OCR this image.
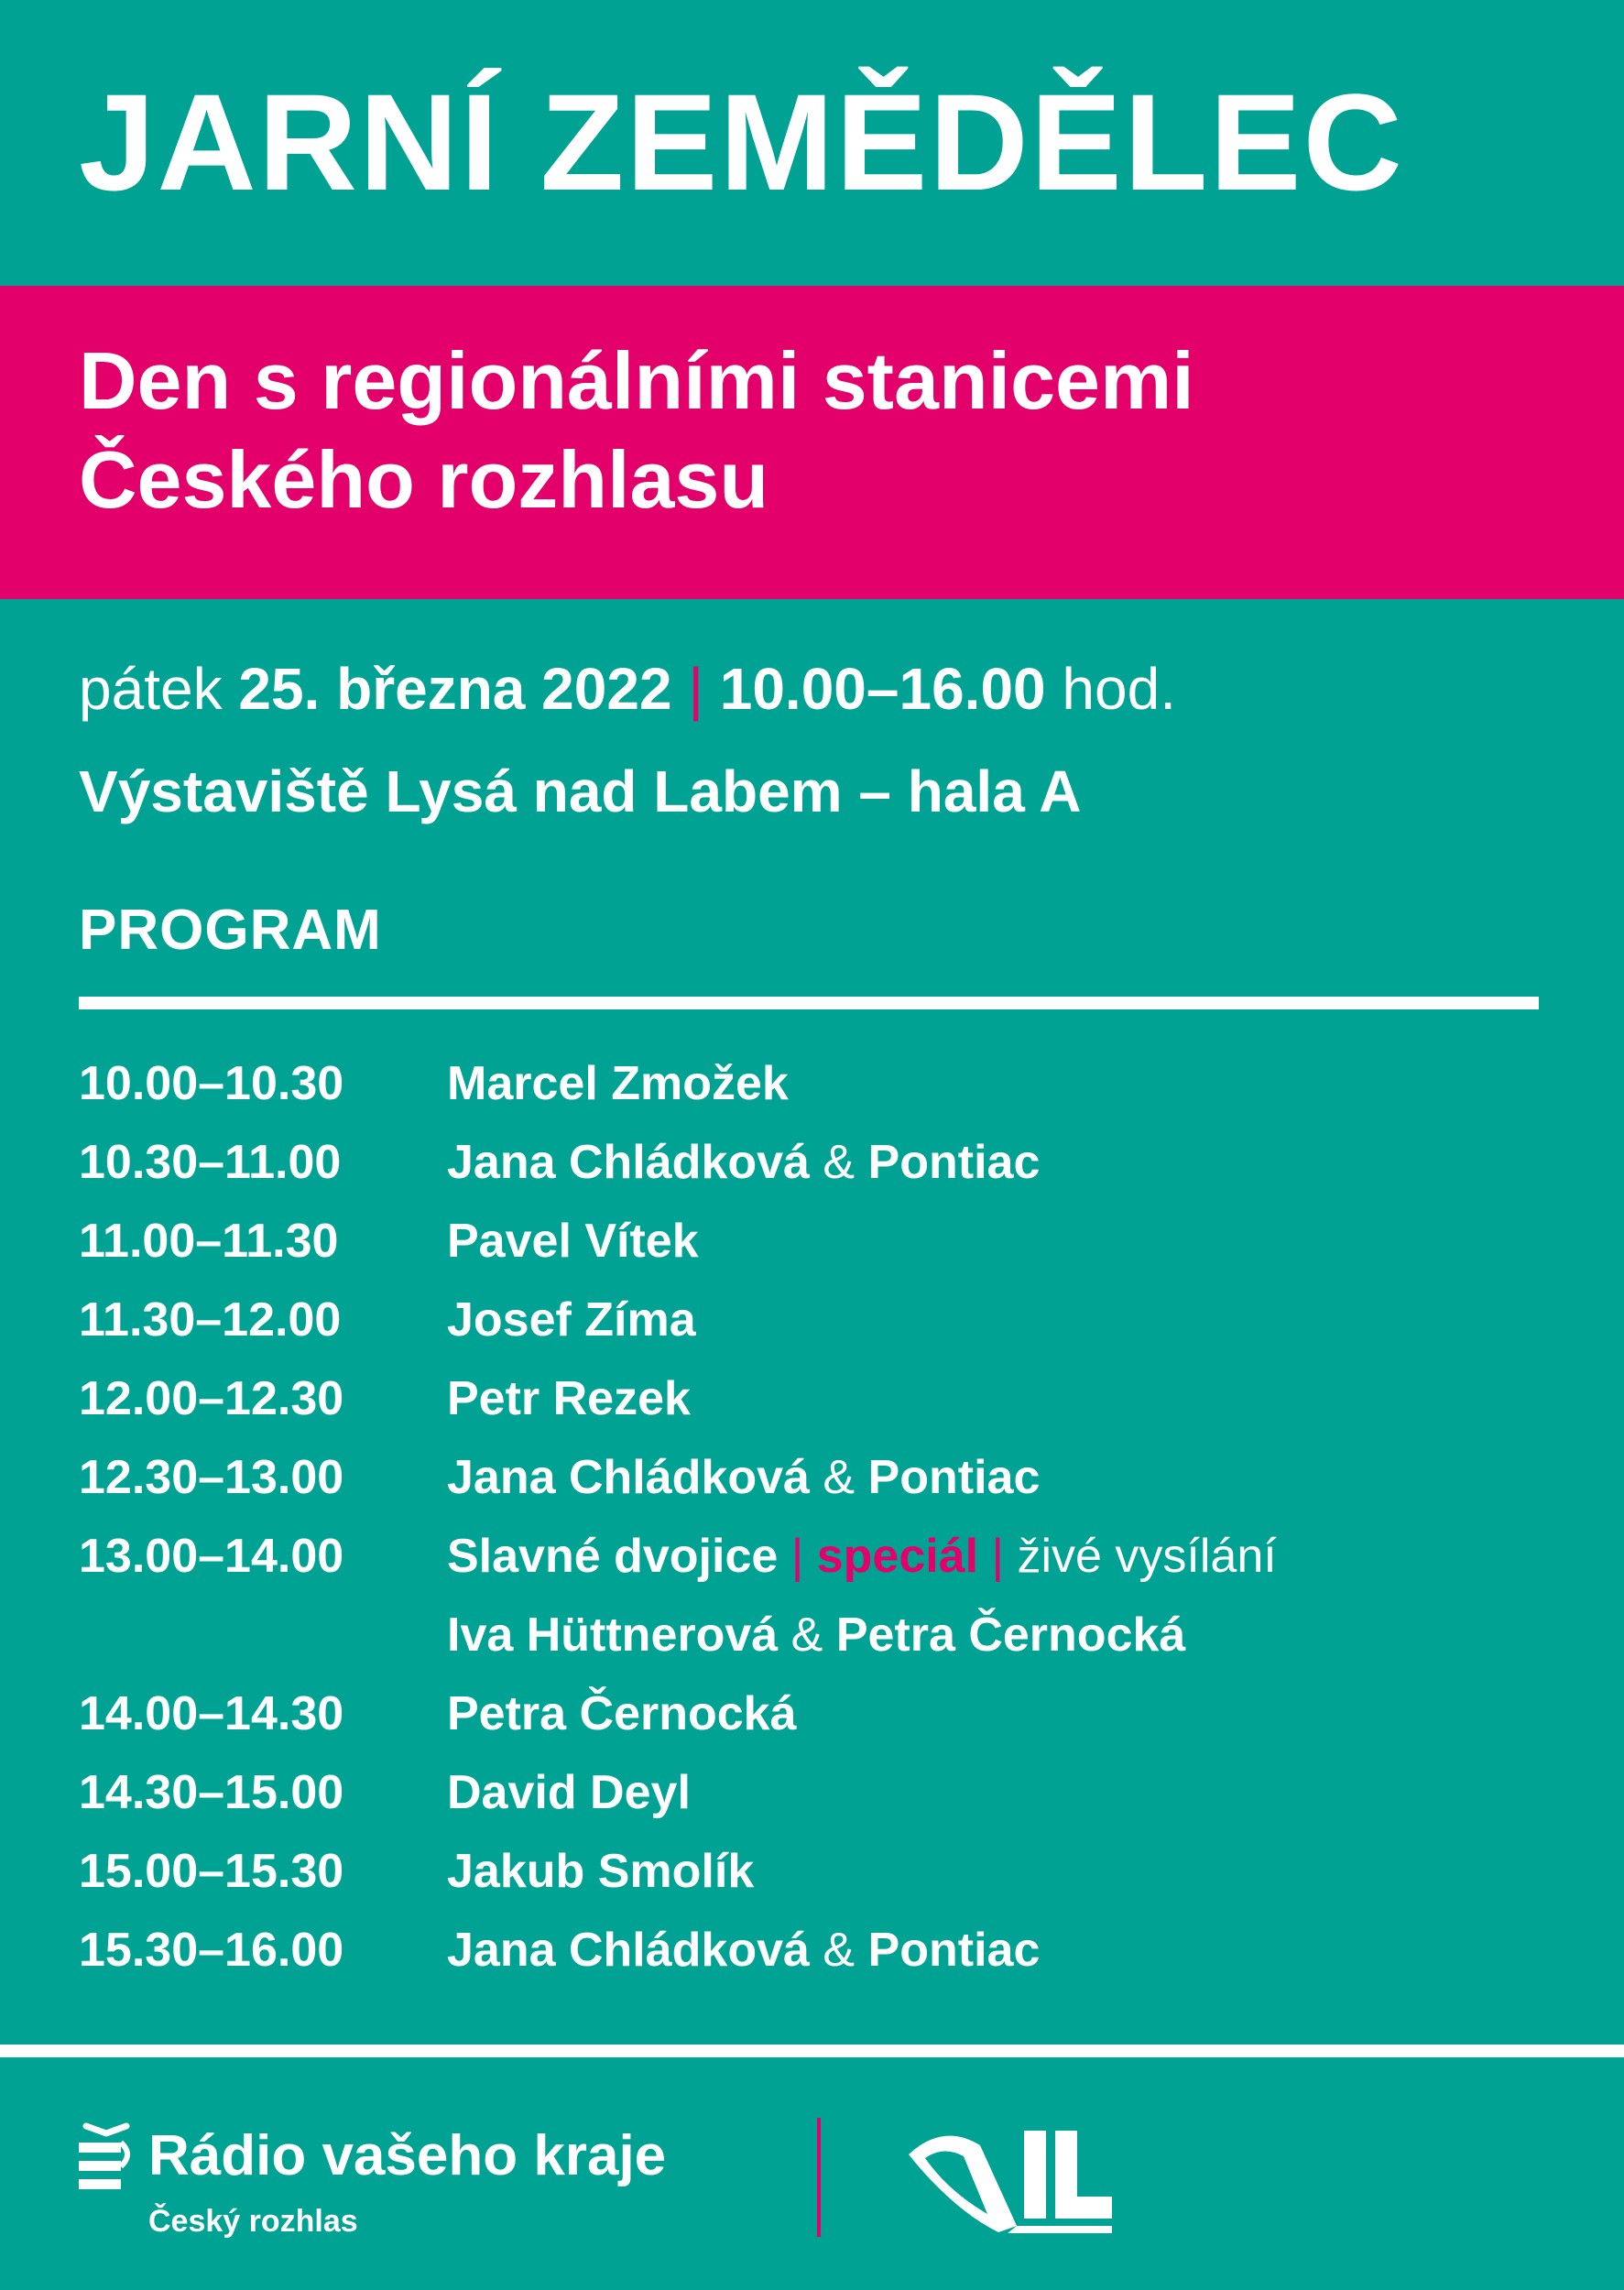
JARNÍ ZEMĚDĚLEC
Den s regionálními stanicemi
Českého rozhlasu
pátek 25. března 2022 | 10.00–16.00 hod.
Výstaviště Lysá nad Labem – hala A
PROGRAM
10.00–10.30	Marcel Zmožek
10.30–11.00	Jana Chládková & Pontiac
11.00–11.30	Pavel Vítek
11.30–12.00	Josef Zíma
12.00–12.30	Petr Rezek
12.30–13.00	Jana Chládková & Pontiac
13.00–14.00	Slavné dvojice | speciál | živé vysílání
Iva Hüttnerová & Petra Černocká
14.00–14.30	Petra Černocká
14.30–15.00	David Deyl
15.00–15.30	Jakub Smolík
15.30–16.00	Jana Chládková & Pontiac
Rádio vašeho kraje
Český rozhlas
